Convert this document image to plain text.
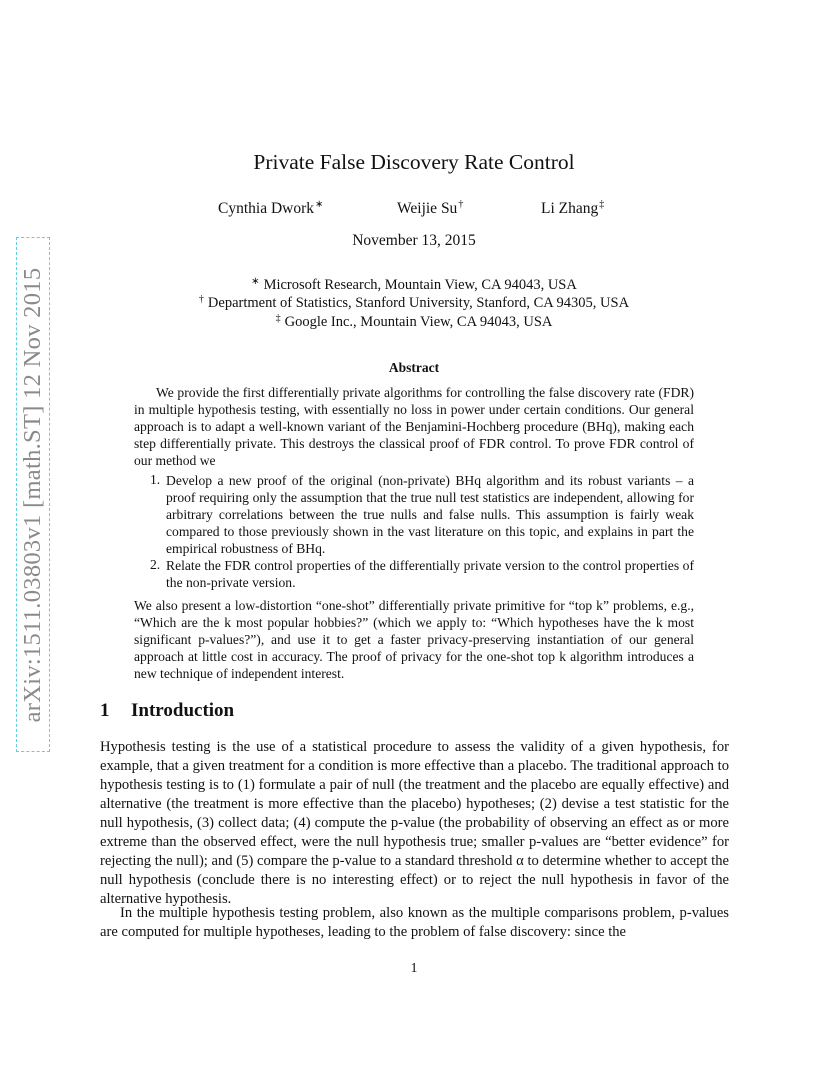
arXiv:1511.03803v1 [math.ST] 12 Nov 2015
Private False Discovery Rate Control
Cynthia Dwork∗	Weijie Su†	Li Zhang‡
November 13, 2015
∗ Microsoft Research, Mountain View, CA 94043, USA
† Department of Statistics, Stanford University, Stanford, CA 94305, USA
‡ Google Inc., Mountain View, CA 94043, USA
Abstract

We provide the first differentially private algorithms for controlling the false discovery rate (FDR) in multiple hypothesis testing, with essentially no loss in power under certain conditions. Our general approach is to adapt a well-known variant of the Benjamini-Hochberg procedure (BHq), making each step differentially private. This destroys the classical proof of FDR control. To prove FDR control of our method we

1. Develop a new proof of the original (non-private) BHq algorithm and its robust variants – a proof requiring only the assumption that the true null test statistics are independent, allowing for arbitrary correlations between the true nulls and false nulls. This assumption is fairly weak compared to those previously shown in the vast literature on this topic, and explains in part the empirical robustness of BHq.

2. Relate the FDR control properties of the differentially private version to the control properties of the non-private version.

We also present a low-distortion “one-shot” differentially private primitive for “top k” problems, e.g., “Which are the k most popular hobbies?” (which we apply to: “Which hypotheses have the k most significant p-values?”), and use it to get a faster privacy-preserving instantiation of our general approach at little cost in accuracy. The proof of privacy for the one-shot top k algorithm introduces a new technique of independent interest.

1 Introduction

Hypothesis testing is the use of a statistical procedure to assess the validity of a given hypothesis, for example, that a given treatment for a condition is more effective than a placebo. The traditional approach to hypothesis testing is to (1) formulate a pair of null (the treatment and the placebo are equally effective) and alternative (the treatment is more effective than the placebo) hypotheses; (2) devise a test statistic for the null hypothesis, (3) collect data; (4) compute the p-value (the probability of observing an effect as or more extreme than the observed effect, were the null hypothesis true; smaller p-values are “better evidence” for rejecting the null); and (5) compare the p-value to a standard threshold α to determine whether to accept the null hypothesis (conclude there is no interesting effect) or to reject the null hypothesis in favor of the alternative hypothesis.

In the multiple hypothesis testing problem, also known as the multiple comparisons problem, p-values are computed for multiple hypotheses, leading to the problem of false discovery: since the

1
